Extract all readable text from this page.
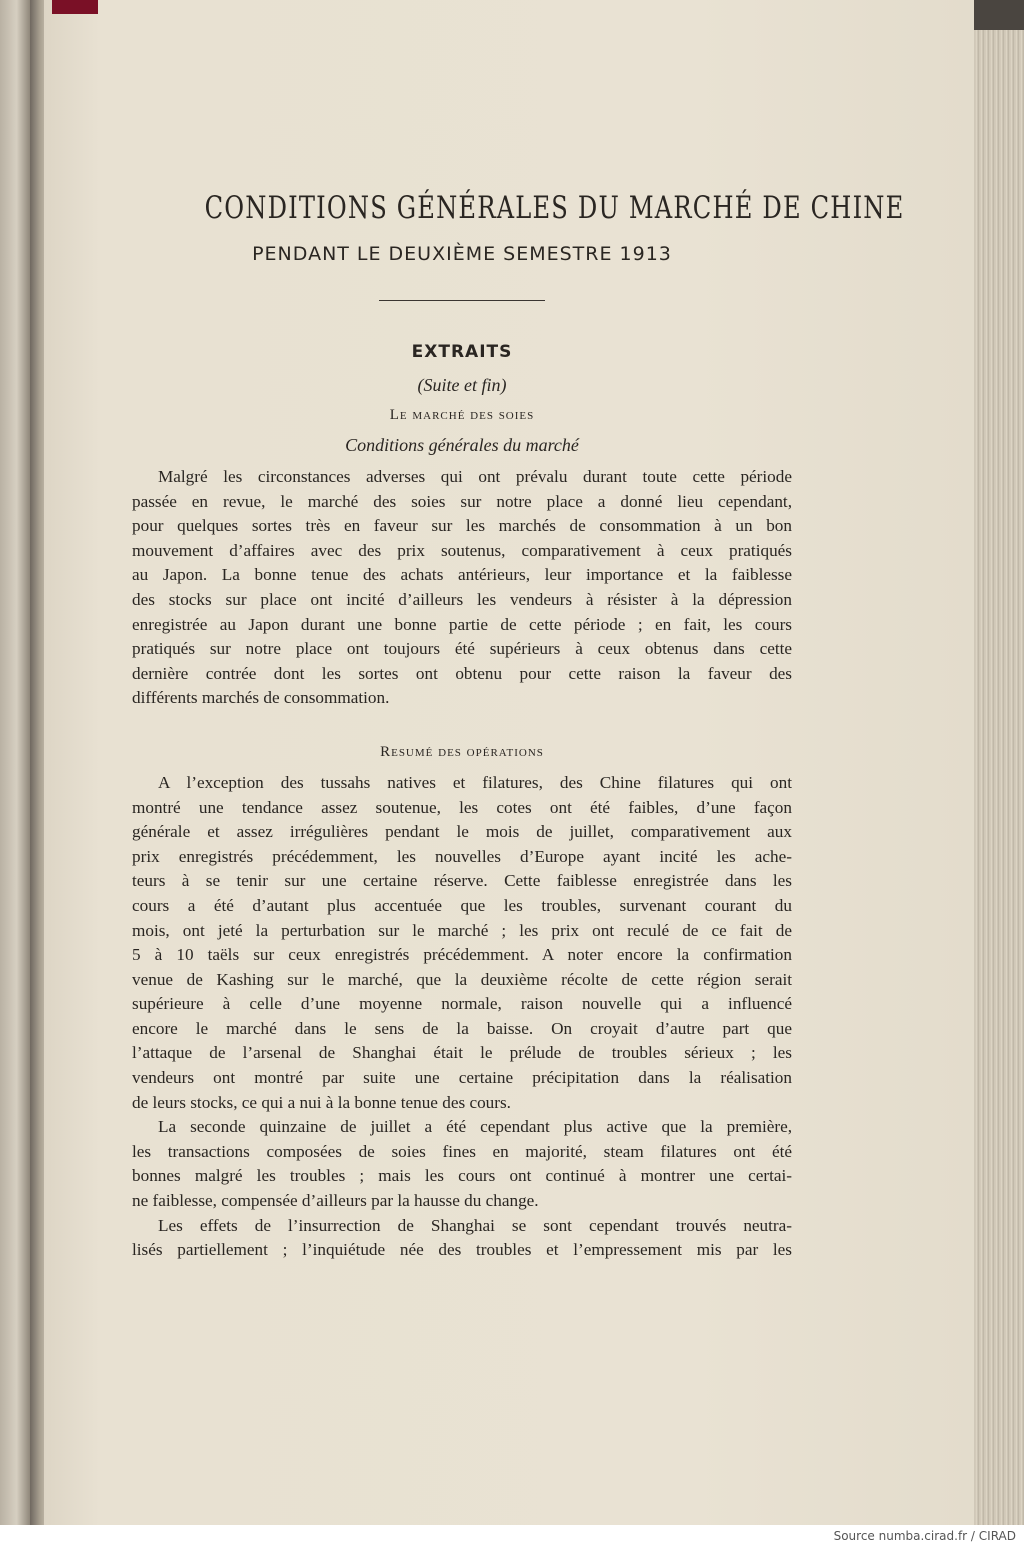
CONDITIONS GÉNÉRALES DU MARCHÉ DE CHINE
PENDANT LE DEUXIÈME SEMESTRE 1913
EXTRAITS
(Suite et fin)
Le marché des soies
Conditions générales du marché
Malgré les circonstances adverses qui ont prévalu durant toute cette période
passée en revue, le marché des soies sur notre place a donné lieu cependant,
pour quelques sortes très en faveur sur les marchés de consommation à un bon
mouvement d’affaires avec des prix soutenus, comparativement à ceux pratiqués
au Japon. La bonne tenue des achats antérieurs, leur importance et la faiblesse
des stocks sur place ont incité d’ailleurs les vendeurs à résister à la dépression
enregistrée au Japon durant une bonne partie de cette période ; en fait, les cours
pratiqués sur notre place ont toujours été supérieurs à ceux obtenus dans cette
dernière contrée dont les sortes ont obtenu pour cette raison la faveur des
différents marchés de consommation.
Resumé des opérations
A l’exception des tussahs natives et filatures, des Chine filatures qui ont
montré une tendance assez soutenue, les cotes ont été faibles, d’une façon
générale et assez irrégulières pendant le mois de juillet, comparativement aux
prix enregistrés précédemment, les nouvelles d’Europe ayant incité les ache-
teurs à se tenir sur une certaine réserve. Cette faiblesse enregistrée dans les
cours a été d’autant plus accentuée que les troubles, survenant courant du
mois, ont jeté la perturbation sur le marché ; les prix ont reculé de ce fait de
5 à 10 taëls sur ceux enregistrés précédemment. A noter encore la confirmation
venue de Kashing sur le marché, que la deuxième récolte de cette région serait
supérieure à celle d’une moyenne normale, raison nouvelle qui a influencé
encore le marché dans le sens de la baisse. On croyait d’autre part que
l’attaque de l’arsenal de Shanghai était le prélude de troubles sérieux ; les
vendeurs ont montré par suite une certaine précipitation dans la réalisation
de leurs stocks, ce qui a nui à la bonne tenue des cours.
La seconde quinzaine de juillet a été cependant plus active que la première,
les transactions composées de soies fines en majorité, steam filatures ont été
bonnes malgré les troubles ; mais les cours ont continué à montrer une certai-
ne faiblesse, compensée d’ailleurs par la hausse du change.
Les effets de l’insurrection de Shanghai se sont cependant trouvés neutra-
lisés partiellement ; l’inquiétude née des troubles et l’empressement mis par les
Source numba.cirad.fr / CIRAD
